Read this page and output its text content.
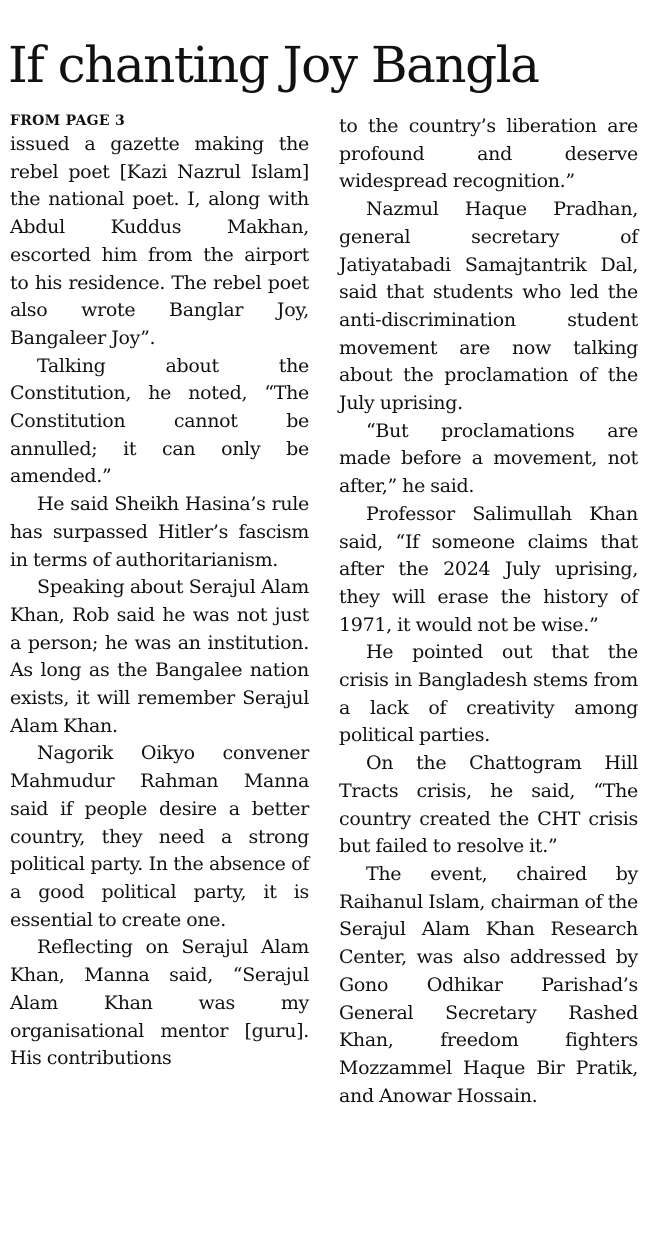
If chanting Joy Bangla
FROM PAGE 3

issued a gazette making the rebel poet [Kazi Nazrul Islam] the national poet. I, along with Abdul Kuddus Makhan, escorted him from the airport to his residence. The rebel poet also wrote Banglar Joy, Bangaleer Joy”.

Talking about the Constitution, he noted, “The Constitution cannot be annulled; it can only be amended.”

He said Sheikh Hasina’s rule has surpassed Hitler’s fascism in terms of authoritarianism.

Speaking about Serajul Alam Khan, Rob said he was not just a person; he was an institution. As long as the Bangalee nation exists, it will remember Serajul Alam Khan.

Nagorik Oikyo convener Mahmudur Rahman Manna said if people desire a better country, they need a strong political party. In the absence of a good political party, it is essential to create one.

Reflecting on Serajul Alam Khan, Manna said, “Serajul Alam Khan was my organisational mentor [guru]. His contributions

to the country’s liberation are profound and deserve widespread recognition.”

Nazmul Haque Pradhan, general secretary of Jatiyatabadi Samajtantrik Dal, said that students who led the anti-discrimination student movement are now talking about the proclamation of the July uprising.

“But proclamations are made before a movement, not after,” he said.

Professor Salimullah Khan said, “If someone claims that after the 2024 July uprising, they will erase the history of 1971, it would not be wise.”

He pointed out that the crisis in Bangladesh stems from a lack of creativity among political parties.

On the Chattogram Hill Tracts crisis, he said, “The country created the CHT crisis but failed to resolve it.”

The event, chaired by Raihanul Islam, chairman of the Serajul Alam Khan Research Center, was also addressed by Gono Odhikar Parishad’s General Secretary Rashed Khan, freedom fighters Mozzammel Haque Bir Pratik, and Anowar Hossain.
